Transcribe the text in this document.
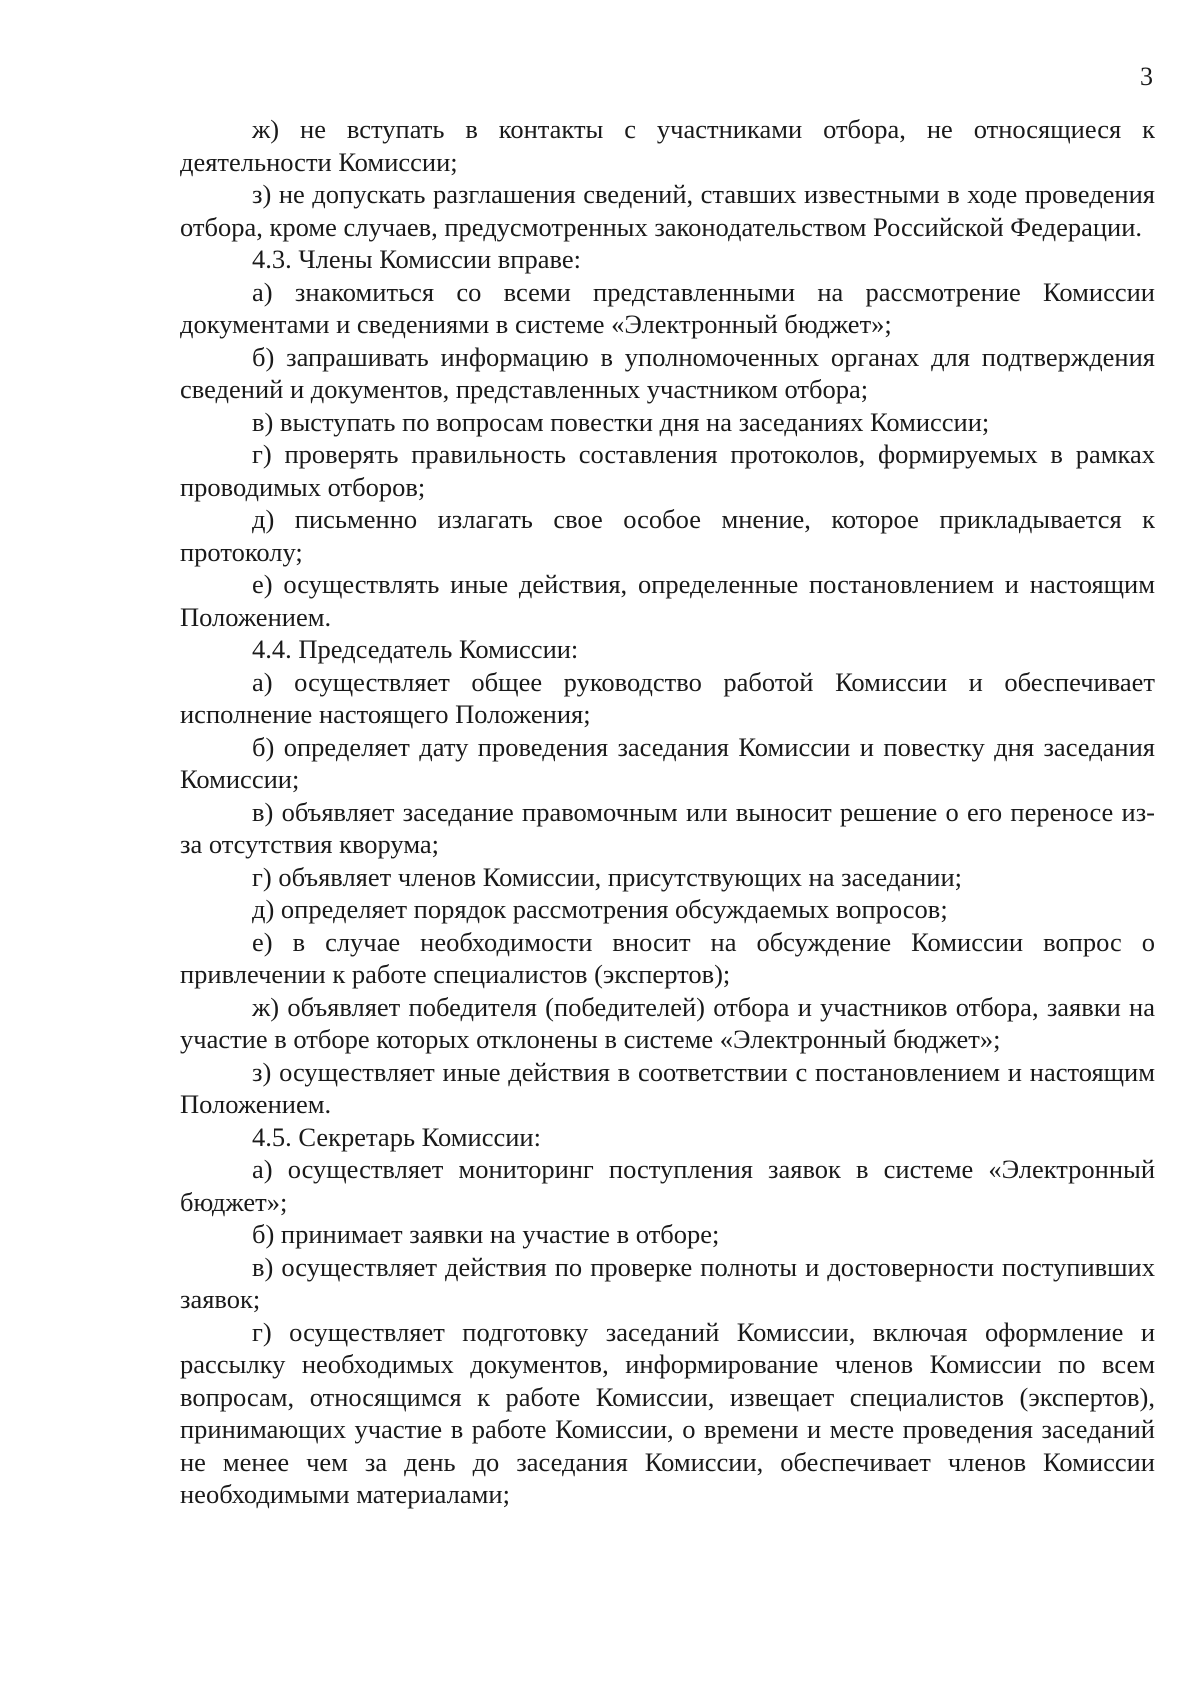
3

ж) не вступать в контакты с участниками отбора, не относящиеся к деятельности Комиссии;

з) не допускать разглашения сведений, ставших известными в ходе проведения отбора, кроме случаев, предусмотренных законодательством Российской Федерации.

4.3. Члены Комиссии вправе:

а) знакомиться со всеми представленными на рассмотрение Комиссии документами и сведениями в системе «Электронный бюджет»;

б) запрашивать информацию в уполномоченных органах для подтверждения сведений и документов, представленных участником отбора;

в) выступать по вопросам повестки дня на заседаниях Комиссии;

г) проверять правильность составления протоколов, формируемых в рамках проводимых отборов;

д) письменно излагать свое особое мнение, которое прикладывается к протоколу;

е) осуществлять иные действия, определенные постановлением и настоящим Положением.

4.4. Председатель Комиссии:

а) осуществляет общее руководство работой Комиссии и обеспечивает исполнение настоящего Положения;

б) определяет дату проведения заседания Комиссии и повестку дня заседания Комиссии;

в) объявляет заседание правомочным или выносит решение о его переносе из-за отсутствия кворума;

г) объявляет членов Комиссии, присутствующих на заседании;

д) определяет порядок рассмотрения обсуждаемых вопросов;

е) в случае необходимости вносит на обсуждение Комиссии вопрос о привлечении к работе специалистов (экспертов);

ж) объявляет победителя (победителей) отбора и участников отбора, заявки на участие в отборе которых отклонены в системе «Электронный бюджет»;

з) осуществляет иные действия в соответствии с постановлением и настоящим Положением.

4.5. Секретарь Комиссии:

а) осуществляет мониторинг поступления заявок в системе «Электронный бюджет»;

б) принимает заявки на участие в отборе;

в) осуществляет действия по проверке полноты и достоверности поступивших заявок;

г) осуществляет подготовку заседаний Комиссии, включая оформление и рассылку необходимых документов, информирование членов Комиссии по всем вопросам, относящимся к работе Комиссии, извещает специалистов (экспертов), принимающих участие в работе Комиссии, о времени и месте проведения заседаний не менее чем за день до заседания Комиссии, обеспечивает членов Комиссии необходимыми материалами;
